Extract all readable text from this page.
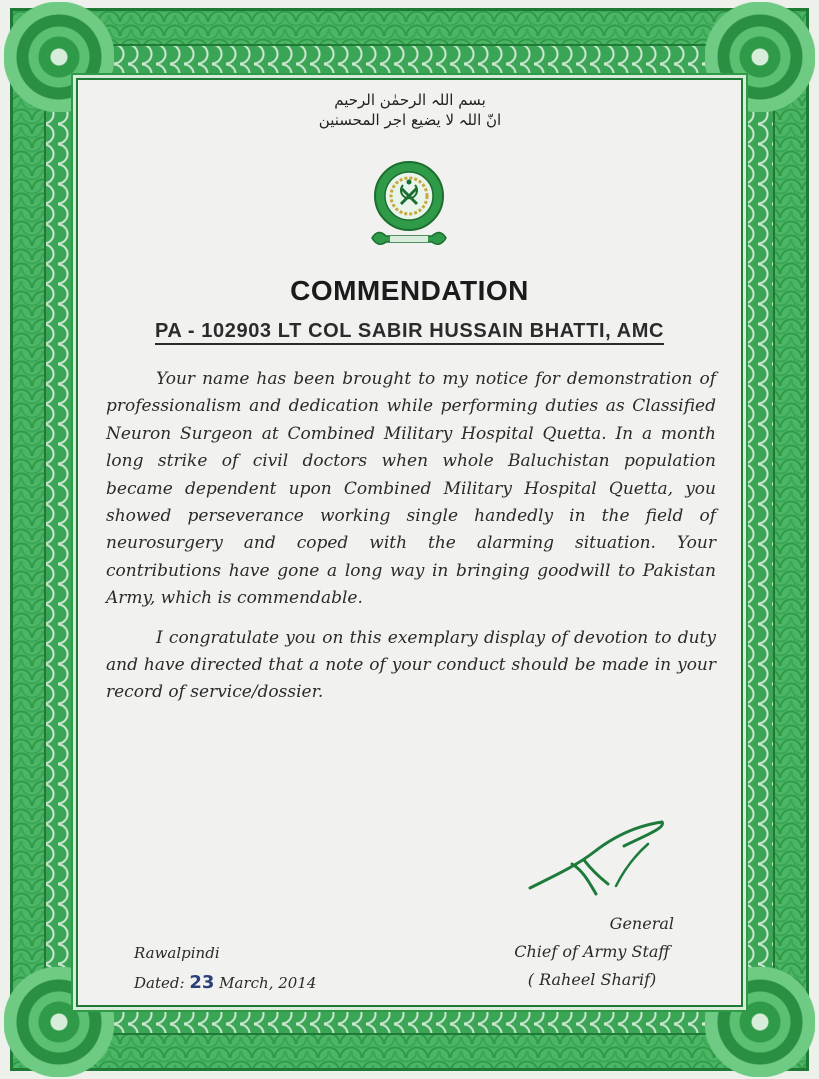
بسم اللہ الرحمٰن الرحیم
انّ اللہ لا یضیع اجر المحسنین
COMMENDATION
PA - 102903 LT COL SABIR HUSSAIN BHATTI, AMC

Your name has been brought to my notice for demonstration of professionalism and dedication while performing duties as Classified Neuron Surgeon at Combined Military Hospital Quetta. In a month long strike of civil doctors when whole Baluchistan population became dependent upon Combined Military Hospital Quetta, you showed perseverance working single handedly in the field of neurosurgery and coped with the alarming situation. Your contributions have gone a long way in bringing goodwill to Pakistan Army, which is commendable.

I congratulate you on this exemplary display of devotion to duty and have directed that a note of your conduct should be made in your record of service/dossier.

General
Chief of Army Staff
( Raheel Sharif)
Rawalpindi
Dated: 23 March, 2014
